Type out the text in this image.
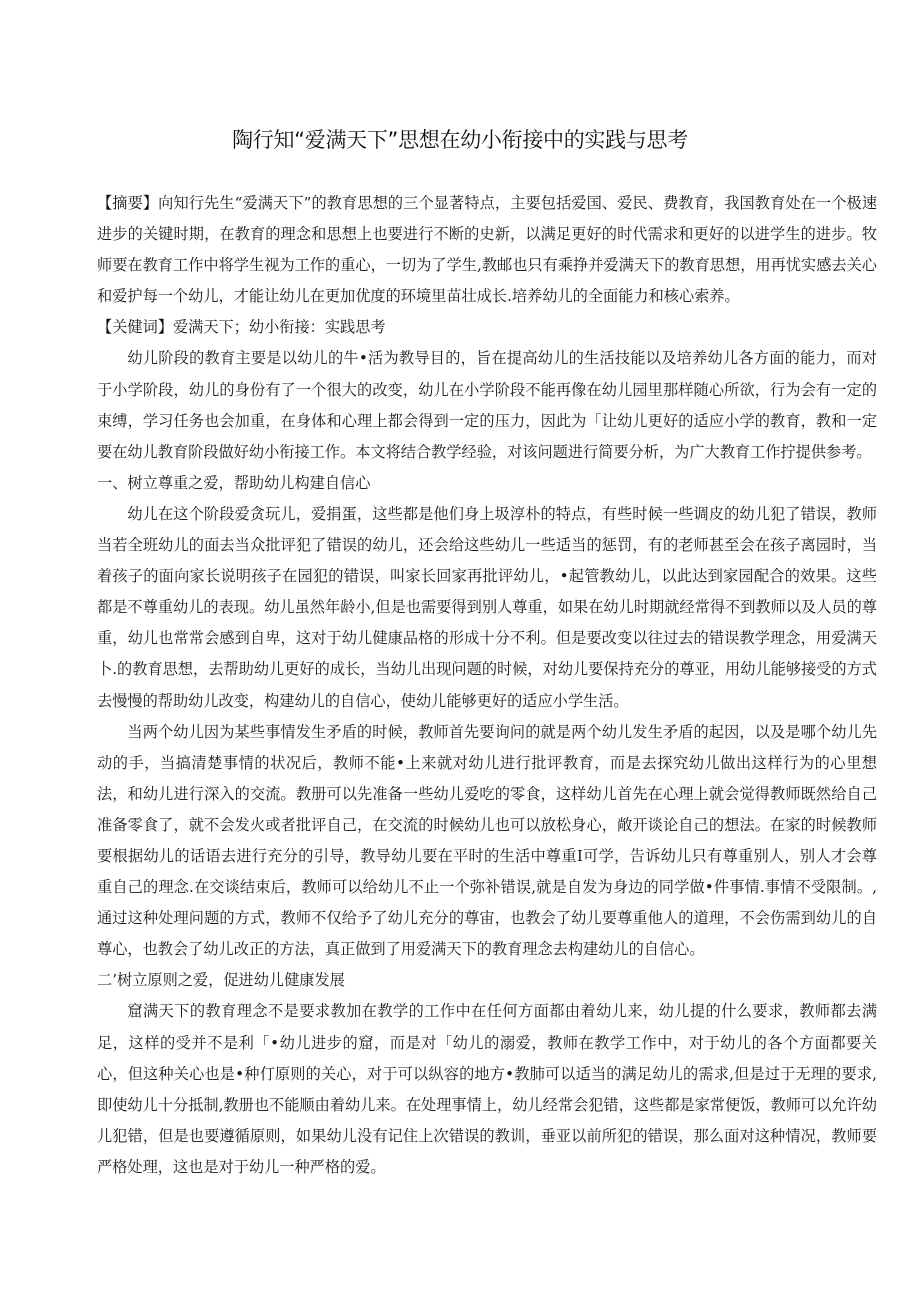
陶行知“爱满天下”思想在幼小衔接中的实践与思考

【摘要】向知行先生“爱满天下”的教育思想的三个显著特点，主要包括爱国、爱民、费教育，我国教育处在一个极速进步的关键时期，在教育的理念和思想上也要进行不断的史新，以满足更好的时代需求和更好的以进学生的进步。牧师要在教育工作中将学生视为工作的重心，一切为了学生,教邮也只有乘挣并爱满天下的教育思想，用再忧实感去关心和爱护每一个幼儿，才能让幼儿在更加优度的环境里苗壮成长.培养幼儿的全面能力和核心索养。

【关健词】爱满天下；幼小衔接：实践思考

幼儿阶段的教育主要是以幼儿的牛•活为教导目的，旨在提高幼儿的生活技能以及培养幼儿各方面的能力，而对于小学阶段，幼儿的身份有了一个很大的改变，幼儿在小学阶段不能再像在幼儿园里那样随心所欲，行为会有一定的束缚，学习任务也会加重，在身体和心理上都会得到一定的压力，因此为「让幼儿更好的适应小学的教育，教和一定要在幼儿教育阶段做好幼小衔接工作。本文将结合教学经验，对该问题进行简要分析，为广大教育工作拧提供参考。

一、树立尊重之爱，帮助幼儿构建自信心

幼儿在这个阶段爱贪玩儿，爱捐蛋，这些都是他们身上圾淳朴的特点，有些时候一些调皮的幼儿犯了错误，教师当若全班幼儿的面去当众批评犯了错误的幼儿，还会给这些幼儿一些适当的惩罚，有的老师甚至会在孩子离园时，当着孩子的面向家长说明孩子在园犯的错误，叫家长回家再批评幼儿，•起管教幼儿，以此达到家园配合的效果。这些都是不尊重幼儿的表现。幼儿虽然年龄小,但是也需要得到别人尊重，如果在幼儿时期就经常得不到教师以及人员的尊重，幼儿也常常会感到自卑，这对于幼儿健康品格的形成十分不利。但是要改变以往过去的错误教学理念，用爱满天卜.的教育思想，去帮助幼儿更好的成长，当幼儿出现问题的时候，对幼儿要保持充分的尊亚，用幼儿能够接受的方式去慢慢的帮助幼儿改变，构建幼儿的自信心，使幼儿能够更好的适应小学生活。

当两个幼儿因为某些事情发生矛盾的时候，教师首先要询问的就是两个幼儿发生矛盾的起因，以及是哪个幼儿先动的手，当搞清楚事情的状况后，教师不能•上来就对幼儿进行批评教育，而是去探究幼儿做出这样行为的心里想法，和幼儿进行深入的交流。教册可以先准备一些幼儿爱吃的零食，这样幼儿首先在心理上就会觉得教师既然给自己准备零食了，就不会发火或者批评自己，在交流的时候幼儿也可以放松身心，敞开谈论自己的想法。在家的时候教师要根据幼儿的话语去进行充分的引导，教导幼儿要在平时的生活中尊重I可学，告诉幼儿只有尊重别人，别人才会尊重自己的理念.在交谈结束后，教师可以给幼儿不止一个弥补错误,就是自发为身边的同学做•件事情.事情不受限制。,通过这种处理问题的方式，教师不仅给予了幼儿充分的尊宙，也教会了幼儿要尊重他人的道理，不会伤需到幼儿的自尊心，也教会了幼儿改正的方法，真正做到了用爱满天下的教育理念去构建幼儿的自信心。

二’树立原则之爱，促进幼儿健康发展

窟满天下的教育理念不是要求教加在教学的工作中在任何方面都由着幼儿来，幼儿提的什么要求，教师都去满足，这样的受并不是利「•幼儿进步的窟，而是对「幼儿的溺爱，教师在教学工作中，对于幼儿的各个方面都要关心，但这种关心也是•种仃原则的关心，对于可以纵容的地方•教肺可以适当的满足幼儿的需求,但是过于无理的要求,即使幼儿十分抵制,教册也不能顺由着幼儿来。在处理事情上，幼儿经常会犯错，这些都是家常便饭，教师可以允许幼儿犯错，但是也要遵循原则，如果幼儿没有记住上次错误的教训，垂亚以前所犯的错误，那么面对这种情况，教师要严格处理，这也是对于幼儿一种严格的爱。
